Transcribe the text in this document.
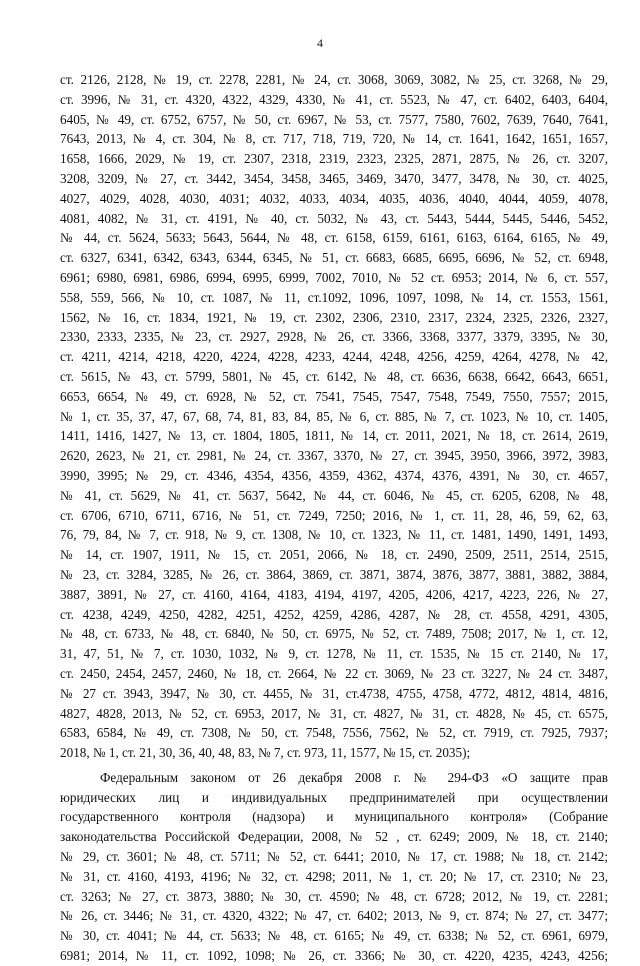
4
ст. 2126, 2128, № 19, ст. 2278, 2281, № 24, ст. 3068, 3069, 3082, № 25, ст. 3268, № 29,
ст. 3996, № 31, ст. 4320, 4322, 4329, 4330, № 41, ст. 5523, № 47, ст. 6402, 6403, 6404,
6405, № 49, ст. 6752, 6757, № 50, ст. 6967, № 53, ст. 7577, 7580, 7602, 7639, 7640, 7641,
7643, 2013, № 4, ст. 304, № 8, ст. 717, 718, 719, 720, № 14, ст. 1641, 1642, 1651, 1657,
1658, 1666, 2029, № 19, ст. 2307, 2318, 2319, 2323, 2325, 2871, 2875, № 26, ст. 3207,
3208, 3209, № 27, ст. 3442, 3454, 3458, 3465, 3469, 3470, 3477, 3478, № 30, ст. 4025,
4027, 4029, 4028, 4030, 4031; 4032, 4033, 4034, 4035, 4036, 4040, 4044, 4059, 4078,
4081, 4082, № 31, ст. 4191, № 40, ст. 5032, № 43, ст. 5443, 5444, 5445, 5446, 5452,
№ 44, ст. 5624, 5633; 5643, 5644, № 48, ст. 6158, 6159, 6161, 6163, 6164, 6165, № 49,
ст. 6327, 6341, 6342, 6343, 6344, 6345, № 51, ст. 6683, 6685, 6695, 6696, № 52, ст. 6948,
6961; 6980, 6981, 6986, 6994, 6995, 6999, 7002, 7010, № 52 ст. 6953; 2014, № 6, ст. 557,
558, 559, 566, № 10, ст. 1087, № 11, ст.1092, 1096, 1097, 1098, № 14, ст. 1553, 1561,
1562, № 16, ст. 1834, 1921, № 19, ст. 2302, 2306, 2310, 2317, 2324, 2325, 2326, 2327,
2330, 2333, 2335, № 23, ст. 2927, 2928, № 26, ст. 3366, 3368, 3377, 3379, 3395, № 30,
ст. 4211, 4214, 4218, 4220, 4224, 4228, 4233, 4244, 4248, 4256, 4259, 4264, 4278, № 42,
ст. 5615, № 43, ст. 5799, 5801, № 45, ст. 6142, № 48, ст. 6636, 6638, 6642, 6643, 6651,
6653, 6654, № 49, ст. 6928, № 52, ст. 7541, 7545, 7547, 7548, 7549, 7550, 7557; 2015,
№ 1, ст. 35, 37, 47, 67, 68, 74, 81, 83, 84, 85, № 6, ст. 885, № 7, ст. 1023, № 10, ст. 1405,
1411, 1416, 1427, № 13, ст. 1804, 1805, 1811, № 14, ст. 2011, 2021, № 18, ст. 2614, 2619,
2620, 2623, № 21, ст. 2981, № 24, ст. 3367, 3370, № 27, ст. 3945, 3950, 3966, 3972, 3983,
3990, 3995; № 29, ст. 4346, 4354, 4356, 4359, 4362, 4374, 4376, 4391, № 30, ст. 4657,
№ 41, ст. 5629, № 41, ст. 5637, 5642, № 44, ст. 6046, № 45, ст. 6205, 6208, № 48,
ст. 6706, 6710, 6711, 6716, № 51, ст. 7249, 7250; 2016, № 1, ст. 11, 28, 46, 59, 62, 63,
76, 79, 84, № 7, ст. 918, № 9, ст. 1308, № 10, ст. 1323, № 11, ст. 1481, 1490, 1491, 1493,
№ 14, ст. 1907, 1911, № 15, ст. 2051, 2066, № 18, ст. 2490, 2509, 2511, 2514, 2515,
№ 23, ст. 3284, 3285, № 26, ст. 3864, 3869, ст. 3871, 3874, 3876, 3877, 3881, 3882, 3884,
3887, 3891, № 27, ст. 4160, 4164, 4183, 4194, 4197, 4205, 4206, 4217, 4223, 226, № 27,
ст. 4238, 4249, 4250, 4282, 4251, 4252, 4259, 4286, 4287, № 28, ст. 4558, 4291, 4305,
№ 48, ст. 6733, № 48, ст. 6840, № 50, ст. 6975, № 52, ст. 7489, 7508; 2017, № 1, ст. 12,
31, 47, 51, № 7, ст. 1030, 1032, № 9, ст. 1278, № 11, ст. 1535, № 15 ст. 2140, № 17,
ст. 2450, 2454, 2457, 2460, № 18, ст. 2664, № 22 ст. 3069, № 23 ст. 3227, № 24 ст. 3487,
№ 27 ст. 3943, 3947, № 30, ст. 4455, № 31, ст.4738, 4755, 4758, 4772, 4812, 4814, 4816,
4827, 4828, 2013, № 52, ст. 6953, 2017, № 31, ст. 4827, № 31, ст. 4828, № 45, ст. 6575,
6583, 6584, № 49, ст. 7308, № 50, ст. 7548, 7556, 7562, № 52, ст. 7919, ст. 7925, 7937;
2018, № 1, ст. 21, 30, 36, 40, 48, 83, № 7, ст. 973, 11, 1577, № 15, ст. 2035);
Федеральным законом от 26 декабря 2008 г. № 294-ФЗ «О защите прав
юридических лиц и индивидуальных предпринимателей при осуществлении
государственного контроля (надзора) и муниципального контроля» (Собрание
законодательства Российской Федерации, 2008, № 52 , ст. 6249; 2009, № 18, ст. 2140;
№ 29, ст. 3601; № 48, ст. 5711; № 52, ст. 6441; 2010, № 17, ст. 1988; № 18, ст. 2142;
№ 31, ст. 4160, 4193, 4196; № 32, ст. 4298; 2011, № 1, ст. 20; № 17, ст. 2310; № 23,
ст. 3263; № 27, ст. 3873, 3880; № 30, ст. 4590; № 48, ст. 6728; 2012, № 19, ст. 2281;
№ 26, ст. 3446; № 31, ст. 4320, 4322; № 47, ст. 6402; 2013, № 9, ст. 874; № 27, ст. 3477;
№ 30, ст. 4041; № 44, ст. 5633; № 48, ст. 6165; № 49, ст. 6338; № 52, ст. 6961, 6979,
6981; 2014, № 11, ст. 1092, 1098; № 26, ст. 3366; № 30, ст. 4220, 4235, 4243, 4256;
